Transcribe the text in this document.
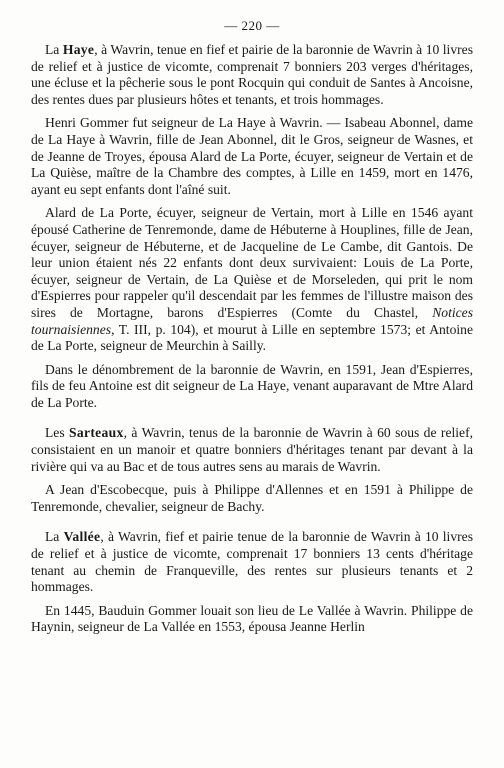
— 220 —

La Haye, à Wavrin, tenue en fief et pairie de la baronnie de Wavrin à 10 livres de relief et à justice de vicomte, comprenait 7 bonniers 203 verges d'héritages, une écluse et la pêcherie sous le pont Rocquin qui conduit de Santes à Ancoisne, des rentes dues par plusieurs hôtes et tenants, et trois hommages.

Henri Gommer fut seigneur de La Haye à Wavrin. — Isabeau Abonnel, dame de La Haye à Wavrin, fille de Jean Abonnel, dit le Gros, seigneur de Wasnes, et de Jeanne de Troyes, épousa Alard de La Porte, écuyer, seigneur de Vertain et de La Quièse, maître de la Chambre des comptes, à Lille en 1459, mort en 1476, ayant eu sept enfants dont l'aîné suit.

Alard de La Porte, écuyer, seigneur de Vertain, mort à Lille en 1546 ayant épousé Catherine de Tenremonde, dame de Hébuterne à Houplines, fille de Jean, écuyer, seigneur de Hébuterne, et de Jacqueline de Le Cambe, dit Gantois. De leur union étaient nés 22 enfants dont deux survivaient: Louis de La Porte, écuyer, seigneur de Vertain, de La Quièse et de Morseleden, qui prit le nom d'Espierres pour rappeler qu'il descendait par les femmes de l'illustre maison des sires de Mortagne, barons d'Espierres (Comte du Chastel, Notices tournaisiennes, T. III, p. 104), et mourut à Lille en septembre 1573; et Antoine de La Porte, seigneur de Meurchin à Sailly.

Dans le dénombrement de la baronnie de Wavrin, en 1591, Jean d'Espierres, fils de feu Antoine est dit seigneur de La Haye, venant auparavant de Mtre Alard de La Porte.

Les Sarteaux, à Wavrin, tenus de la baronnie de Wavrin à 60 sous de relief, consistaient en un manoir et quatre bonniers d'héritages tenant par devant à la rivière qui va au Bac et de tous autres sens au marais de Wavrin.

A Jean d'Escobecque, puis à Philippe d'Allennes et en 1591 à Philippe de Tenremonde, chevalier, seigneur de Bachy.

La Vallée, à Wavrin, fief et pairie tenue de la baronnie de Wavrin à 10 livres de relief et à justice de vicomte, comprenait 17 bonniers 13 cents d'héritage tenant au chemin de Franqueville, des rentes sur plusieurs tenants et 2 hommages.

En 1445, Bauduin Gommer louait son lieu de Le Vallée à Wavrin. Philippe de Haynin, seigneur de La Vallée en 1553, épousa Jeanne Herlin
